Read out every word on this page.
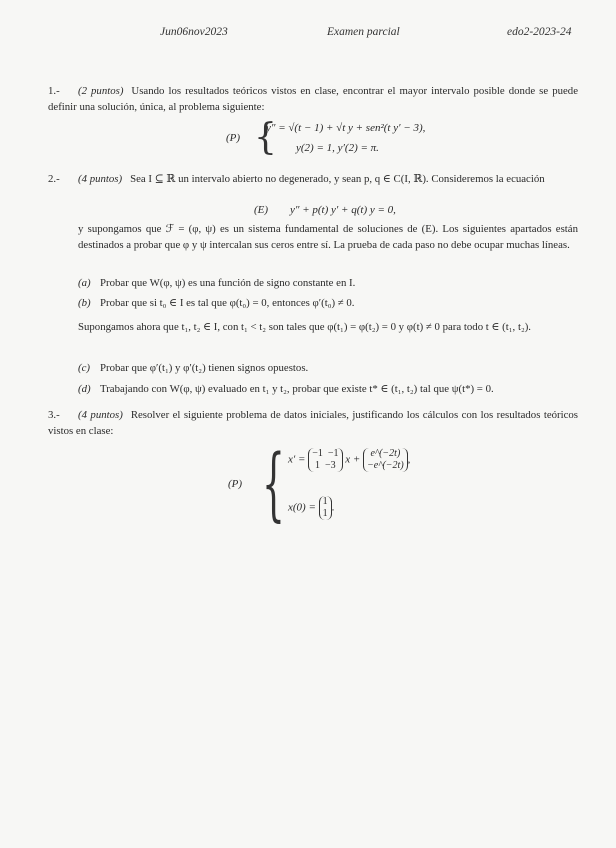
Jun06nov2023	Examen parcial	edo2-2023-24
1.- (2 puntos) Usando los resultados teóricos vistos en clase, encontrar el mayor intervalo posible donde se puede definir una solución, única, al problema siguiente:
(P) {
y″ = √(t − 1) + √t y + sen²(t y′ − 3),
y(2) = 1, y′(2) = π.
2.- (4 puntos) Sea I ⊆ ℝ un intervalo abierto no degenerado, y sean p, q ∈ C(I, ℝ). Consideremos la ecuación
(E) y″ + p(t) y′ + q(t) y = 0,
y supongamos que ℱ = (φ, ψ) es un sistema fundamental de soluciones de (E). Los siguientes apartados están destinados a probar que φ y ψ intercalan sus ceros entre sí. La prueba de cada paso no debe ocupar muchas líneas.
(a) Probar que W(φ, ψ) es una función de signo constante en I.
(b) Probar que si t₀ ∈ I es tal que φ(t₀) = 0, entonces φ′(t₀) ≠ 0.
Supongamos ahora que t₁, t₂ ∈ I, con t₁ < t₂ son tales que φ(t₁) = φ(t₂) = 0 y φ(t) ≠ 0 para todo t ∈ (t₁, t₂).
(c) Probar que φ′(t₁) y φ′(t₂) tienen signos opuestos.
(d) Trabajando con W(φ, ψ) evaluado en t₁ y t₂, probar que existe t* ∈ (t₁, t₂) tal que ψ(t*) = 0.
3.- (4 puntos) Resolver el siguiente problema de datos iniciales, justificando los cálculos con los resultados teóricos vistos en clase:
(P) { x′ = −1 −1
1 −3 x + e^(−2t)
−e^(−2t) ,
x(0) = 1
1 .
